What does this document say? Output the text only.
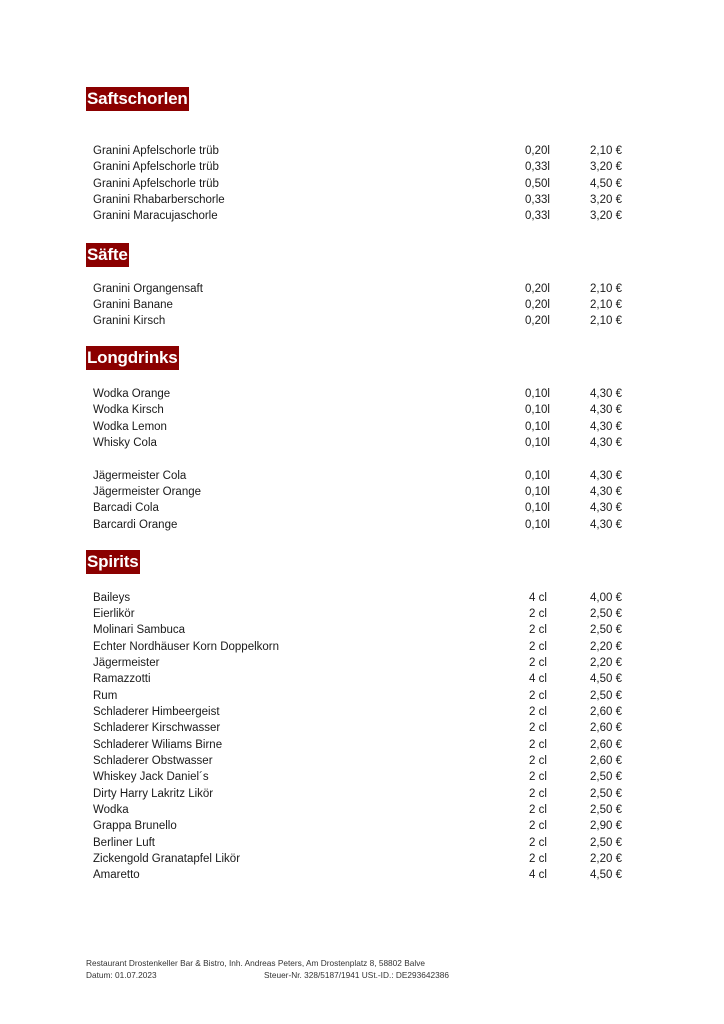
Saftschorlen
Granini Apfelschorle trüb	0,20l	2,10 €
Granini Apfelschorle trüb	0,33l	3,20 €
Granini Apfelschorle trüb	0,50l	4,50 €
Granini Rhabarberschorle	0,33l	3,20 €
Granini Maracujaschorle	0,33l	3,20 €
Säfte
Granini Organgensaft	0,20l	2,10 €
Granini Banane	0,20l	2,10 €
Granini Kirsch	0,20l	2,10 €
Longdrinks
Wodka Orange	0,10l	4,30 €
Wodka Kirsch	0,10l	4,30 €
Wodka Lemon	0,10l	4,30 €
Whisky Cola	0,10l	4,30 €
Jägermeister Cola	0,10l	4,30 €
Jägermeister Orange	0,10l	4,30 €
Barcadi Cola	0,10l	4,30 €
Barcardi Orange	0,10l	4,30 €
Spirits
Baileys	4 cl	4,00 €
Eierlikör	2 cl	2,50 €
Molinari Sambuca	2 cl	2,50 €
Echter Nordhäuser Korn Doppelkorn	2 cl	2,20 €
Jägermeister	2 cl	2,20 €
Ramazzotti	4 cl	4,50 €
Rum	2 cl	2,50 €
Schladerer Himbeergeist	2 cl	2,60 €
Schladerer Kirschwasser	2 cl	2,60 €
Schladerer Wiliams Birne	2 cl	2,60 €
Schladerer Obstwasser	2 cl	2,60 €
Whiskey Jack Daniel´s	2 cl	2,50 €
Dirty Harry Lakritz Likör	2 cl	2,50 €
Wodka	2 cl	2,50 €
Grappa Brunello	2 cl	2,90 €
Berliner Luft	2 cl	2,50 €
Zickengold Granatapfel Likör	2 cl	2,20 €
Amaretto	4 cl	4,50 €
Restaurant Drostenkeller Bar & Bistro, Inh. Andreas Peters, Am Drostenplatz 8, 58802 Balve
Datum: 01.07.2023	Steuer-Nr. 328/5187/1941 USt.-ID.: DE293642386
